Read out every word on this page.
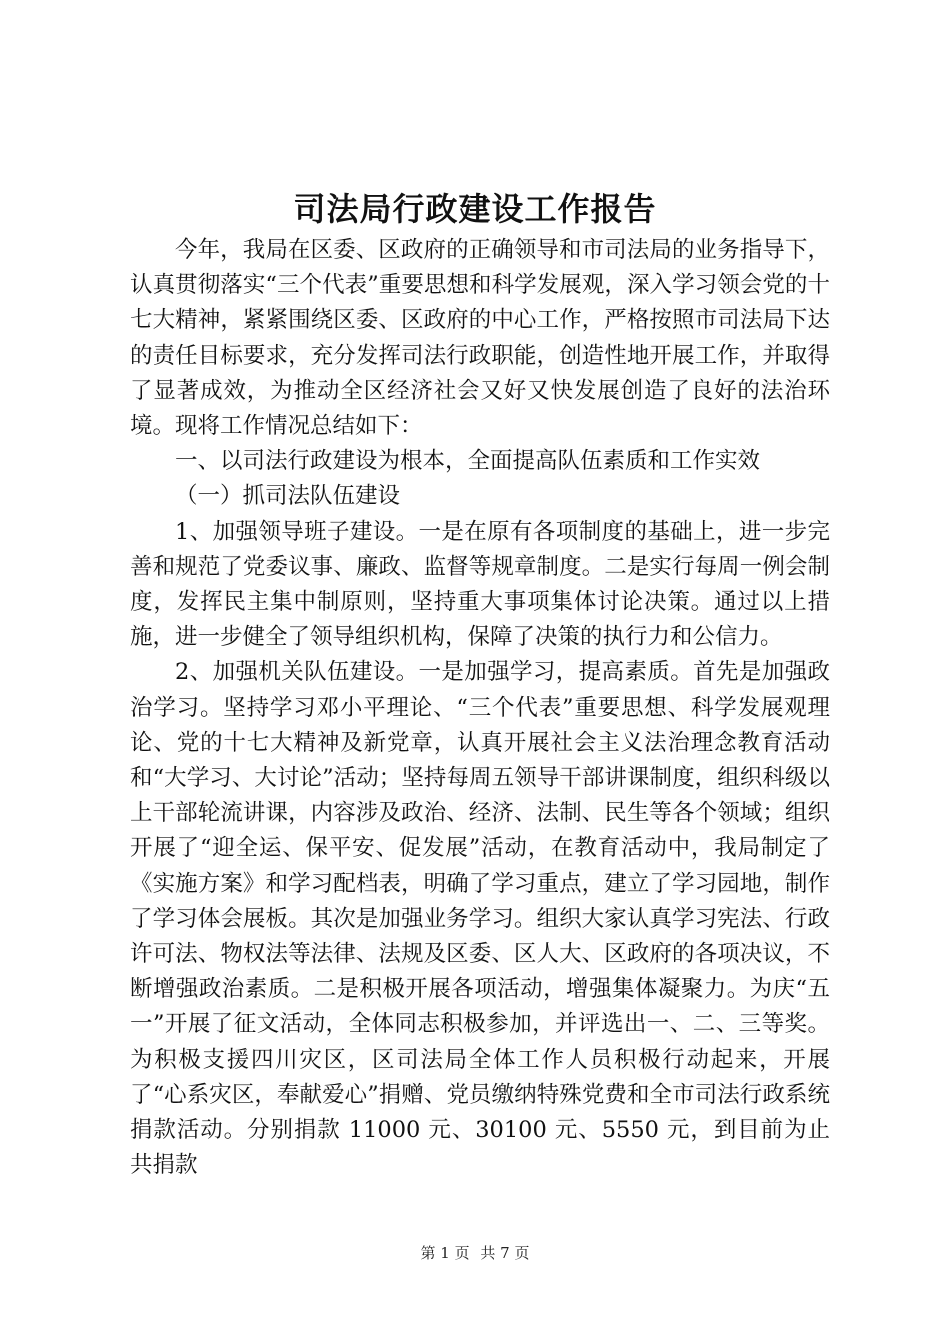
司法局行政建设工作报告

今年，我局在区委、区政府的正确领导和市司法局的业务指导下，认真贯彻落实“三个代表”重要思想和科学发展观，深入学习领会党的十七大精神，紧紧围绕区委、区政府的中心工作，严格按照市司法局下达的责任目标要求，充分发挥司法行政职能，创造性地开展工作，并取得了显著成效，为推动全区经济社会又好又快发展创造了良好的法治环境。现将工作情况总结如下：

一、以司法行政建设为根本，全面提高队伍素质和工作实效

（一）抓司法队伍建设

1、加强领导班子建设。一是在原有各项制度的基础上，进一步完善和规范了党委议事、廉政、监督等规章制度。二是实行每周一例会制度，发挥民主集中制原则，坚持重大事项集体讨论决策。通过以上措施，进一步健全了领导组织机构，保障了决策的执行力和公信力。

2、加强机关队伍建设。一是加强学习，提高素质。首先是加强政治学习。坚持学习邓小平理论、“三个代表”重要思想、科学发展观理论、党的十七大精神及新党章，认真开展社会主义法治理念教育活动和“大学习、大讨论”活动；坚持每周五领导干部讲课制度，组织科级以上干部轮流讲课，内容涉及政治、经济、法制、民生等各个领域；组织开展了“迎全运、保平安、促发展”活动，在教育活动中，我局制定了《实施方案》和学习配档表，明确了学习重点，建立了学习园地，制作了学习体会展板。其次是加强业务学习。组织大家认真学习宪法、行政许可法、物权法等法律、法规及区委、区人大、区政府的各项决议，不断增强政治素质。二是积极开展各项活动，增强集体凝聚力。为庆“五一”开展了征文活动，全体同志积极参加，并评选出一、二、三等奖。为积极支援四川灾区，区司法局全体工作人员积极行动起来，开展了“心系灾区，奉献爱心”捐赠、党员缴纳特殊党费和全市司法行政系统捐款活动。分别捐款 11000 元、30100 元、5550 元，到目前为止共捐款

第 1 页 共 7 页
